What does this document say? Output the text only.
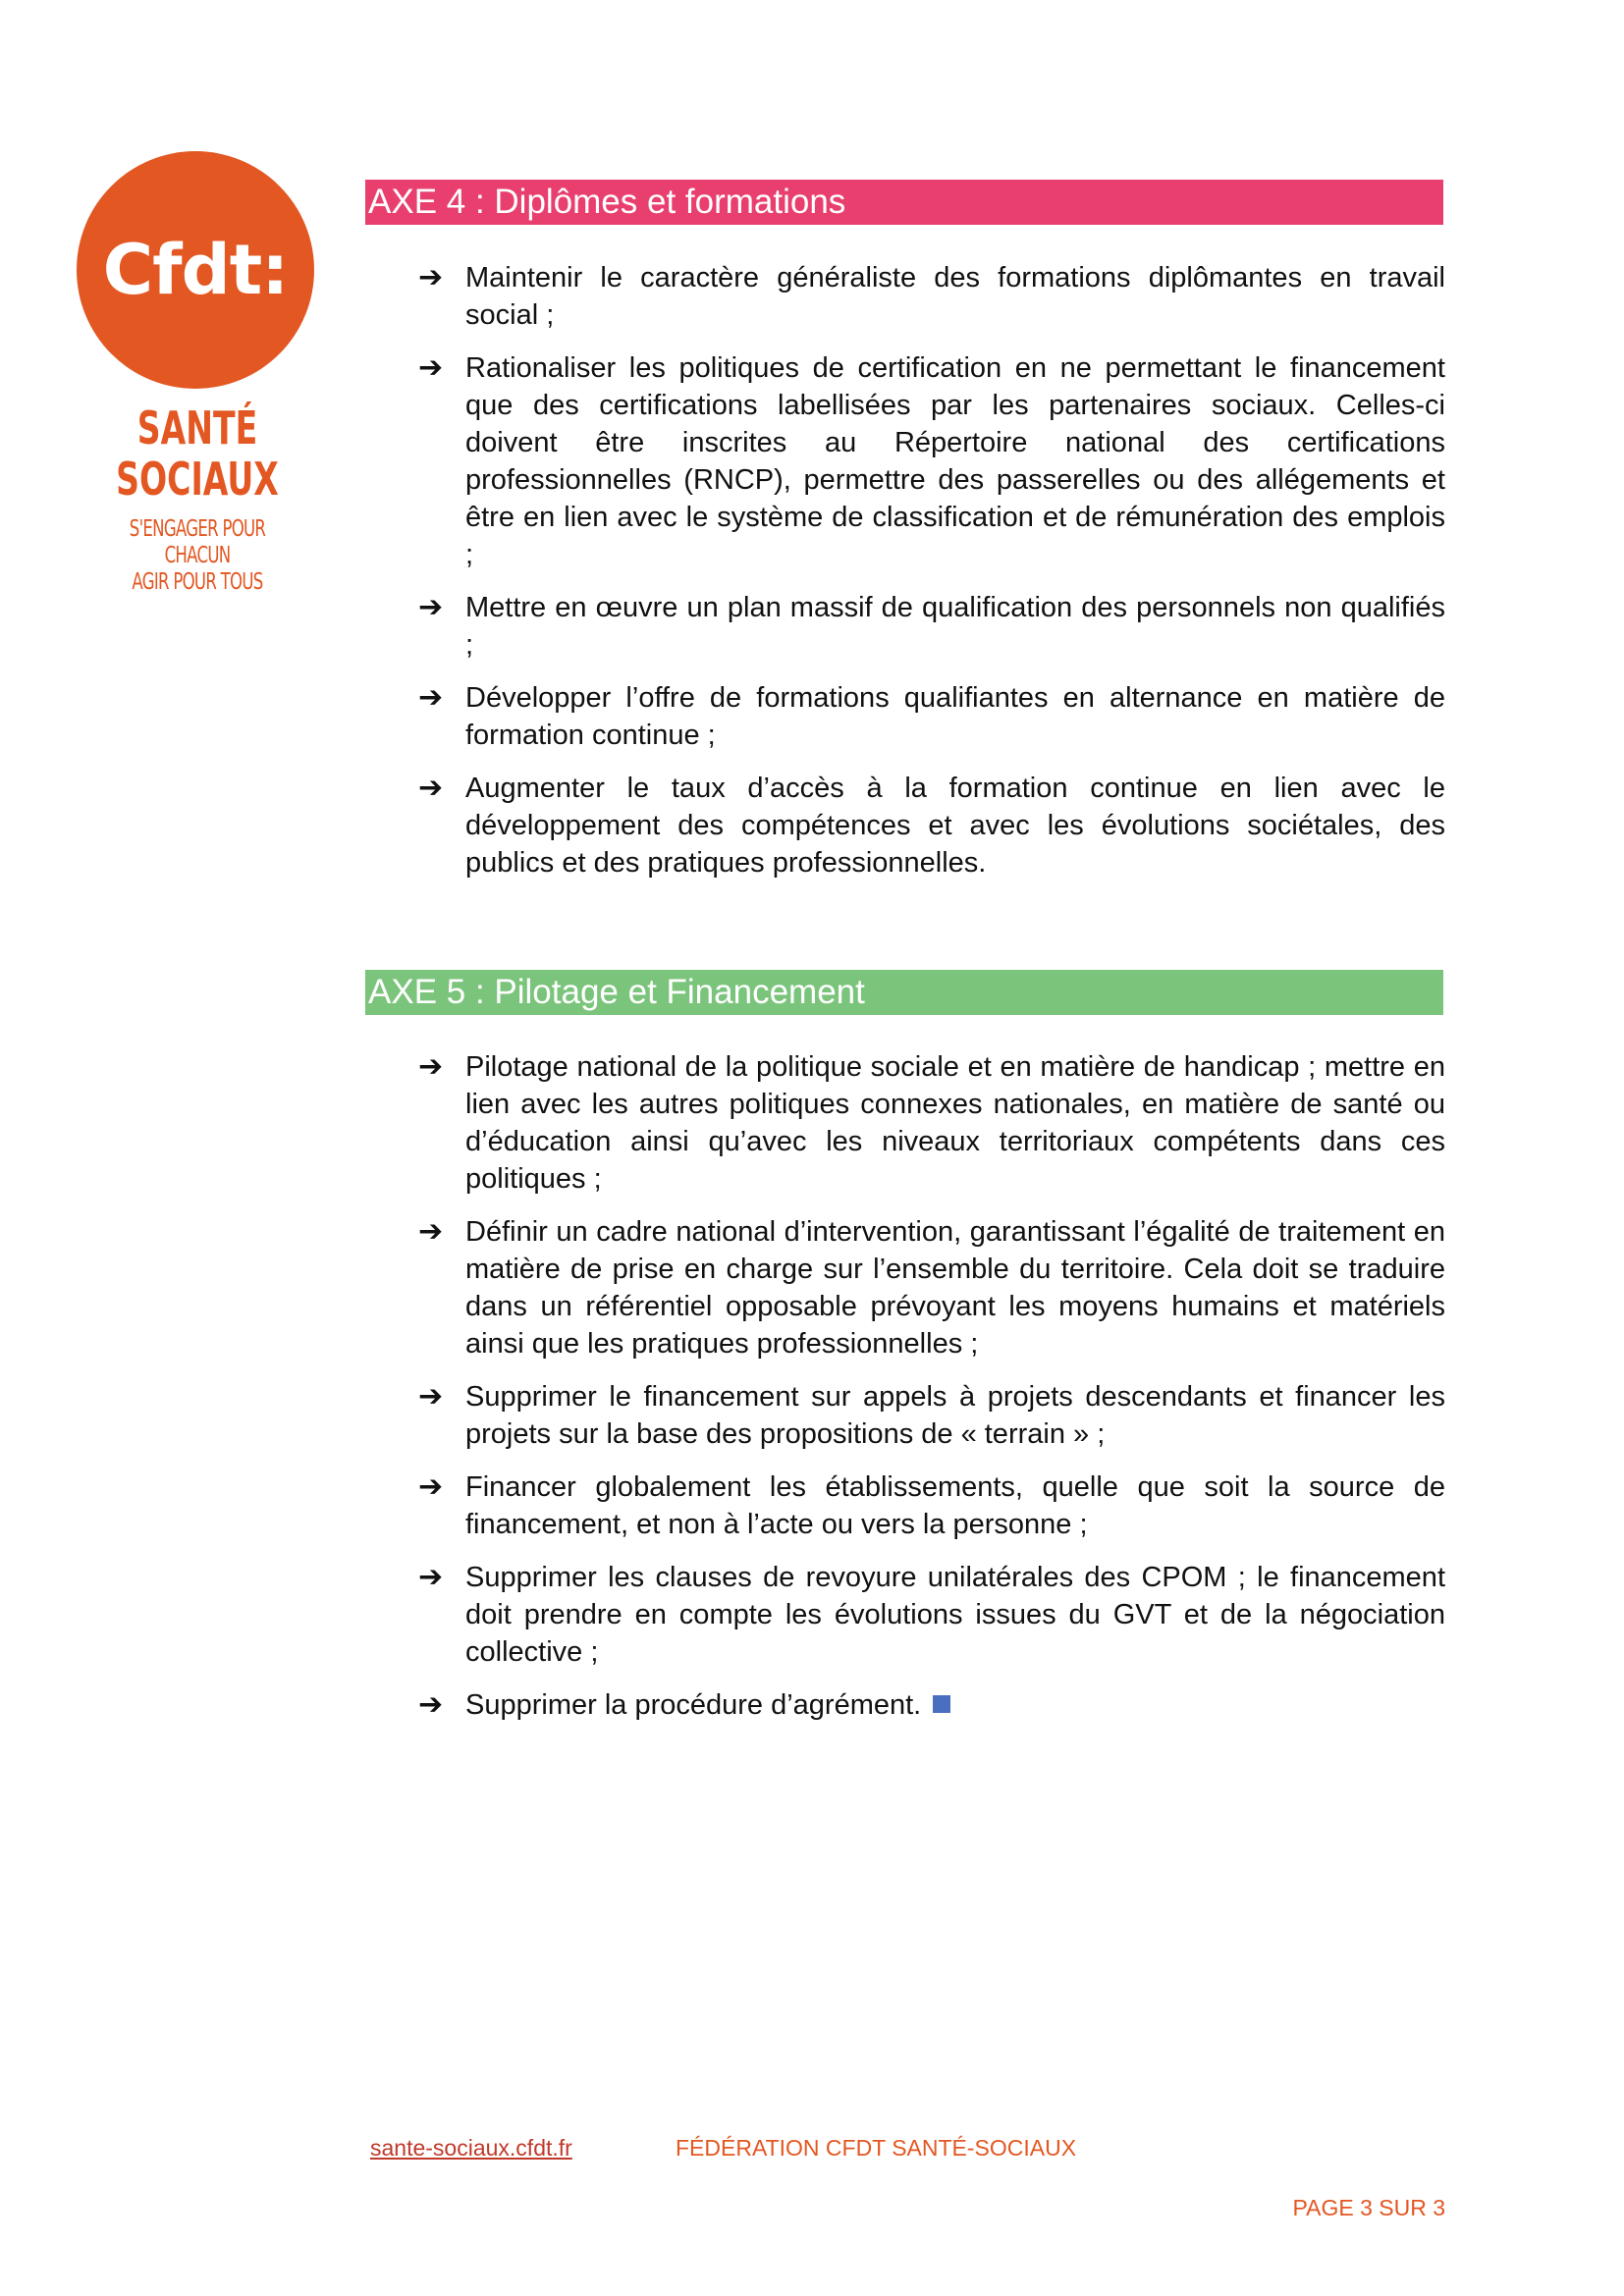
Cfdt:
SANTÉ
SOCIAUX
S'ENGAGER POUR CHACUN
AGIR POUR TOUS
AXE 4 : Diplômes et formations
➔ Maintenir le caractère généraliste des formations diplômantes en travail social ;
➔ Rationaliser les politiques de certification en ne permettant le financement que des certifications labellisées par les partenaires sociaux. Celles-ci doivent être inscrites au Répertoire national des certifications professionnelles (RNCP), permettre des passerelles ou des allégements et être en lien avec le système de classification et de rémunération des emplois ;
➔ Mettre en œuvre un plan massif de qualification des personnels non qualifiés ;
➔ Développer l’offre de formations qualifiantes en alternance en matière de formation continue ;
➔ Augmenter le taux d’accès à la formation continue en lien avec le développement des compétences et avec les évolutions sociétales, des publics et des pratiques professionnelles.
AXE 5 : Pilotage et Financement
➔ Pilotage national de la politique sociale et en matière de handicap ; mettre en lien avec les autres politiques connexes nationales, en matière de santé ou d’éducation ainsi qu’avec les niveaux territoriaux compétents dans ces politiques ;
➔ Définir un cadre national d’intervention, garantissant l’égalité de traitement en matière de prise en charge sur l’ensemble du territoire. Cela doit se traduire dans un référentiel opposable prévoyant les moyens humains et matériels ainsi que les pratiques professionnelles ;
➔ Supprimer le financement sur appels à projets descendants et financer les projets sur la base des propositions de « terrain » ;
➔ Financer globalement les établissements, quelle que soit la source de financement, et non à l’acte ou vers la personne ;
➔ Supprimer les clauses de revoyure unilatérales des CPOM ; le financement doit prendre en compte les évolutions issues du GVT et de la négociation collective ;
➔ Supprimer la procédure d’agrément.
sante-sociaux.cfdt.fr	FÉDÉRATION CFDT SANTÉ-SOCIAUX
PAGE 3 SUR 3
